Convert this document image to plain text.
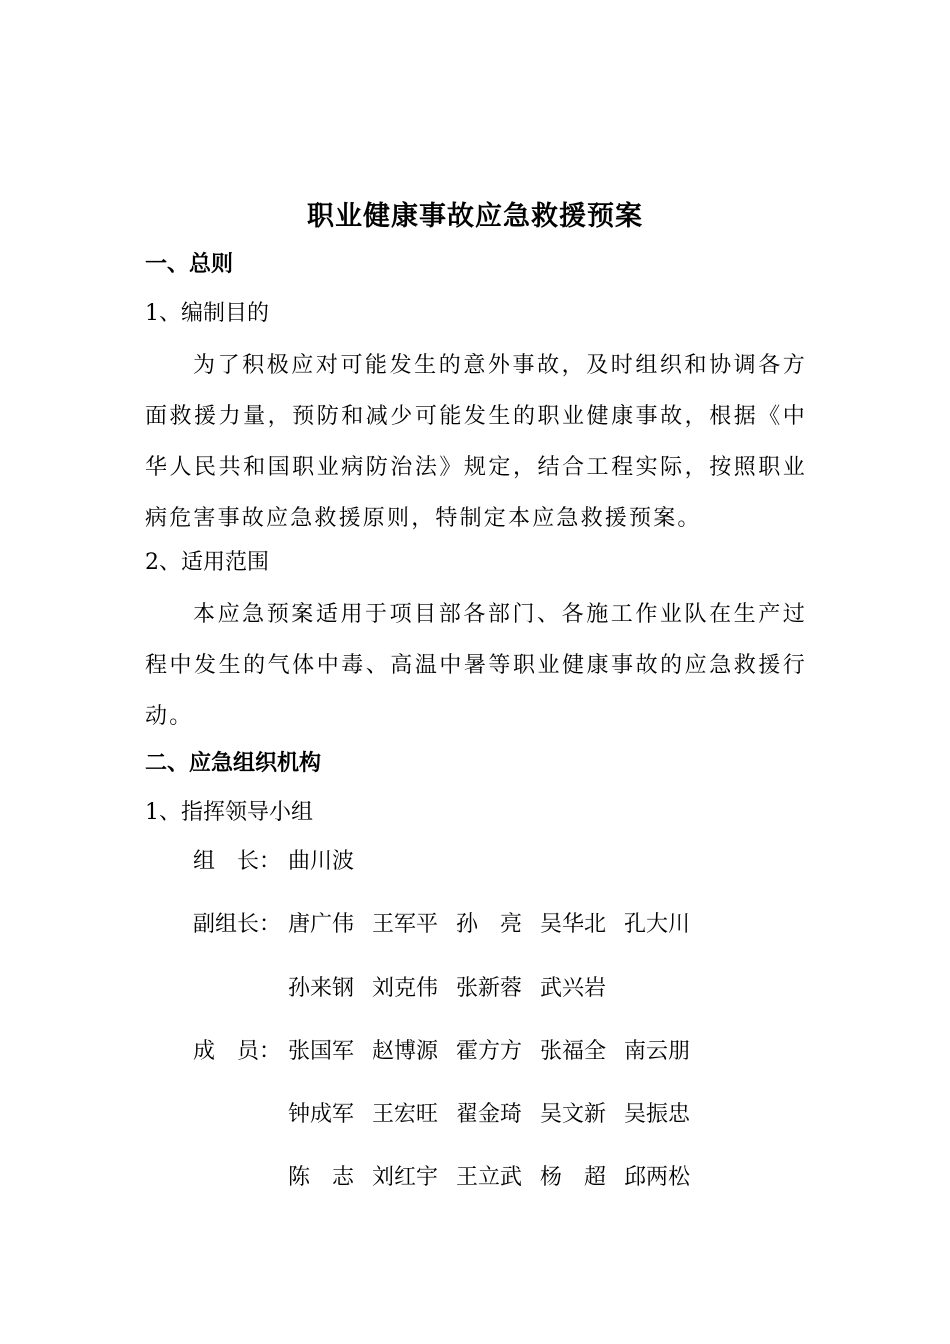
职业健康事故应急救援预案
一、总则
1、编制目的
为了积极应对可能发生的意外事故，及时组织和协调各方面救援力量，预防和减少可能发生的职业健康事故，根据《中华人民共和国职业病防治法》规定，结合工程实际，按照职业病危害事故应急救援原则，特制定本应急救援预案。
2、适用范围
本应急预案适用于项目部各部门、各施工作业队在生产过程中发生的气体中毒、高温中暑等职业健康事故的应急救援行动。
二、应急组织机构
1、指挥领导小组
组　长： 曲川波
副组长： 唐广伟 王军平 孙　亮 吴华北 孔大川
孙来钢 刘克伟 张新蓉 武兴岩
成　员： 张国军 赵博源 霍方方 张福全 南云朋
钟成军 王宏旺 翟金琦 吴文新 吴振忠
陈　志 刘红宇 王立武 杨　超 邱两松
